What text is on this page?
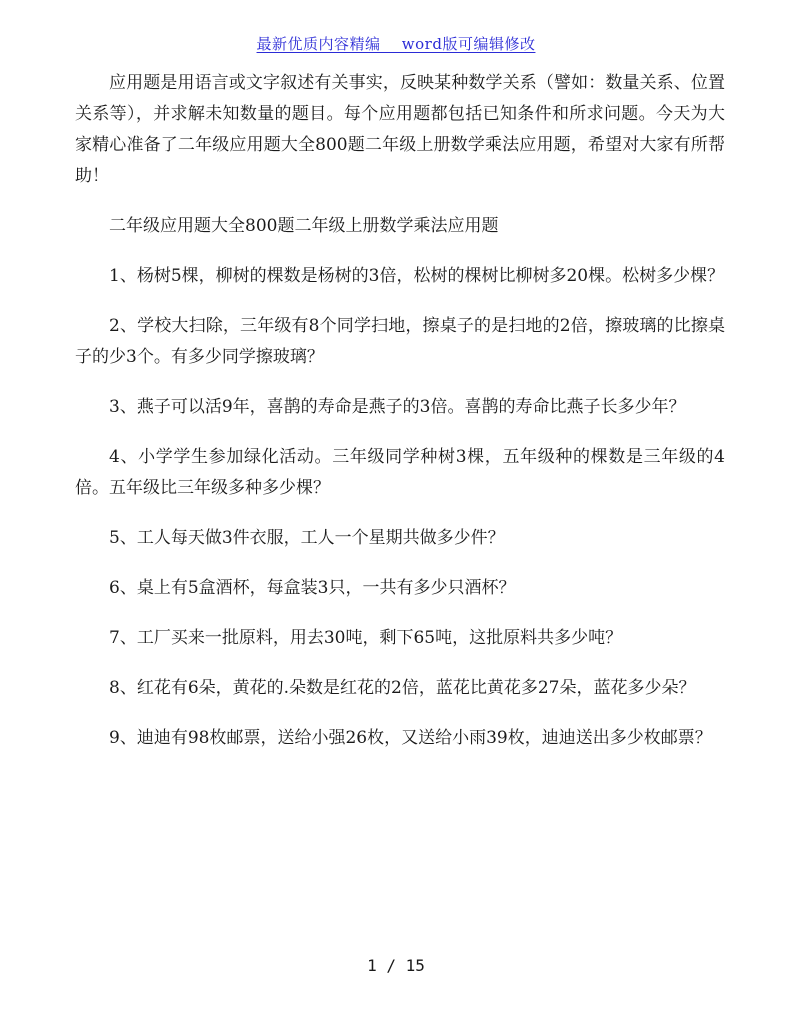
最新优质内容精编_ _word版可编辑修改

应用题是用语言或文字叙述有关事实，反映某种数学关系（譬如：数量关系、位置关系等），并求解未知数量的题目。每个应用题都包括已知条件和所求问题。今天为大家精心准备了二年级应用题大全800题二年级上册数学乘法应用题，希望对大家有所帮助！

二年级应用题大全800题二年级上册数学乘法应用题

1、杨树5棵，柳树的棵数是杨树的3倍，松树的棵树比柳树多20棵。松树多少棵？

2、学校大扫除，三年级有8个同学扫地，擦桌子的是扫地的2倍，擦玻璃的比擦桌子的少3个。有多少同学擦玻璃？

3、燕子可以活9年，喜鹊的寿命是燕子的3倍。喜鹊的寿命比燕子长多少年？

4、小学学生参加绿化活动。三年级同学种树3棵，五年级种的棵数是三年级的4倍。五年级比三年级多种多少棵？

5、工人每天做3件衣服，工人一个星期共做多少件？

6、桌上有5盒酒杯，每盒装3只，一共有多少只酒杯？

7、工厂买来一批原料，用去30吨，剩下65吨，这批原料共多少吨？

8、红花有6朵，黄花的.朵数是红花的2倍，蓝花比黄花多27朵，蓝花多少朵？

9、迪迪有98枚邮票，送给小强26枚，又送给小雨39枚，迪迪送出多少枚邮票？

1 / 15
